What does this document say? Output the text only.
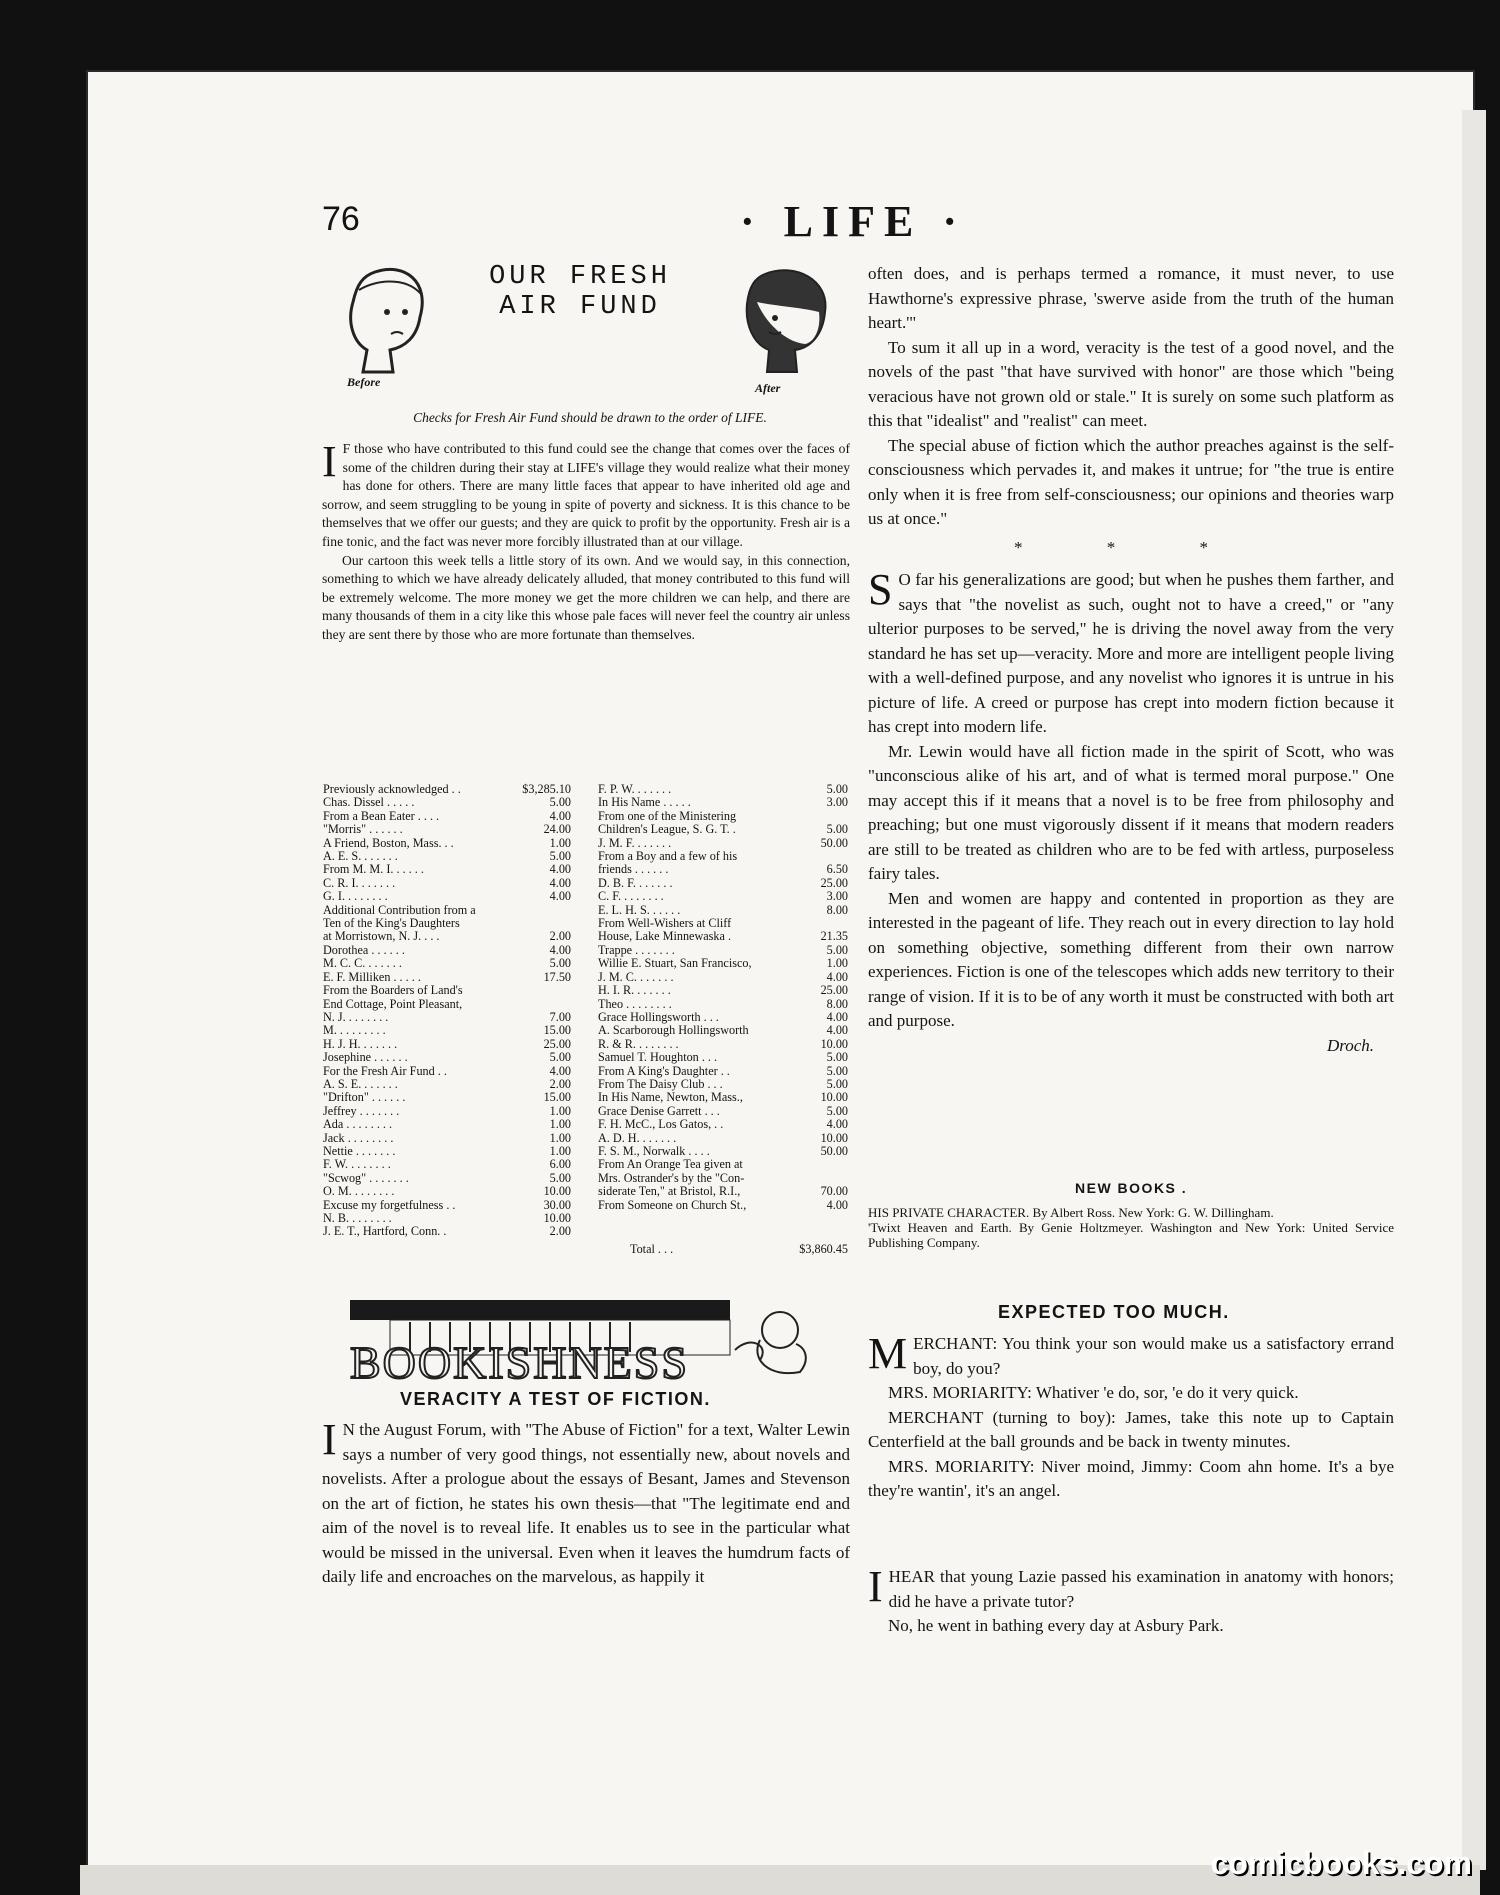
76	· LIFE ·
Before
OUR FRESH AIR FUND
After
Checks for Fresh Air Fund should be drawn to the order of LIFE.

IF those who have contributed to this fund could see the change that comes over the faces of some of the children during their stay at LIFE's village they would realize what their money has done for others. There are many little faces that appear to have inherited old age and sorrow, and seem struggling to be young in spite of poverty and sickness. It is this chance to be themselves that we offer our guests; and they are quick to profit by the opportunity. Fresh air is a fine tonic, and the fact was never more forcibly illustrated than at our village.

Our cartoon this week tells a little story of its own. And we would say, in this connection, something to which we have already delicately alluded, that money contributed to this fund will be extremely welcome. The more money we get the more children we can help, and there are many thousands of them in a city like this whose pale faces will never feel the country air unless they are sent there by those who are more fortunate than themselves.

Previously acknowledged . .	$3,285.10
Chas. Dissel . . . . .	5.00
From a Bean Eater . . . .	4.00
"Morris" . . . . . .	24.00
A Friend, Boston, Mass. . .	1.00
A. E. S. . . . . . .	5.00
From M. M. I. . . . . .	4.00
C. R. I. . . . . . .	4.00
G. I. . . . . . . .	4.00
Additional Contribution from a
Ten of the King's Daughters
at Morristown, N. J. . . .	2.00
Dorothea . . . . . .	4.00
M. C. C. . . . . . .	5.00
E. F. Milliken . . . . .	17.50
From the Boarders of Land's
End Cottage, Point Pleasant,
N. J. . . . . . . .	7.00
M. . . . . . . . .	15.00
H. J. H. . . . . . .	25.00
Josephine . . . . . .	5.00
For the Fresh Air Fund . .	4.00
A. S. E. . . . . . .	2.00
"Drifton" . . . . . .	15.00
Jeffrey . . . . . . .	1.00
Ada . . . . . . . .	1.00
Jack . . . . . . . .	1.00
Nettie . . . . . . .	1.00
F. W. . . . . . . .	6.00
"Scwog" . . . . . . .	5.00
O. M. . . . . . . .	10.00
Excuse my forgetfulness . .	30.00
N. B. . . . . . . .	10.00
J. E. T., Hartford, Conn. .	2.00
F. P. W. . . . . . .	5.00
In His Name . . . . .	3.00
From one of the Ministering
Children's League, S. G. T. .	5.00
J. M. F. . . . . . .	50.00
From a Boy and a few of his
friends . . . . . .	6.50
D. B. F. . . . . . .	25.00
C. F. . . . . . . .	3.00
E. L. H. S. . . . . .	8.00
From Well-Wishers at Cliff
House, Lake Minnewaska .	21.35
Trappe . . . . . . .	5.00
Willie E. Stuart, San Francisco,	1.00
J. M. C. . . . . . .	4.00
H. I. R. . . . . . .	25.00
Theo . . . . . . . .	8.00
Grace Hollingsworth . . .	4.00
A. Scarborough Hollingsworth	4.00
R. & R. . . . . . . .	10.00
Samuel T. Houghton . . .	5.00
From A King's Daughter . .	5.00
From The Daisy Club . . .	5.00
In His Name, Newton, Mass.,	10.00
Grace Denise Garrett . . .	5.00
F. H. McC., Los Gatos, . .	4.00
A. D. H. . . . . . .	10.00
F. S. M., Norwalk . . . .	50.00
From An Orange Tea given at
Mrs. Ostrander's by the "Con-
siderate Ten," at Bristol, R.I.,	70.00
From Someone on Church St.,	4.00
Total . . .	$3,860.45
BOOKISHNESS
VERACITY A TEST OF FICTION.

IN the August Forum, with "The Abuse of Fiction" for a text, Walter Lewin says a number of very good things, not essentially new, about novels and novelists. After a prologue about the essays of Besant, James and Stevenson on the art of fiction, he states his own thesis—that "The legitimate end and aim of the novel is to reveal life. It enables us to see in the particular what would be missed in the universal. Even when it leaves the humdrum facts of daily life and encroaches on the marvelous, as happily it

often does, and is perhaps termed a romance, it must never, to use Hawthorne's expressive phrase, 'swerve aside from the truth of the human heart.'"

To sum it all up in a word, veracity is the test of a good novel, and the novels of the past "that have survived with honor" are those which "being veracious have not grown old or stale." It is surely on some such platform as this that "idealist" and "realist" can meet.

The special abuse of fiction which the author preaches against is the self-consciousness which pervades it, and makes it untrue; for "the true is entire only when it is free from self-consciousness; our opinions and theories warp us at once."

* * *

SO far his generalizations are good; but when he pushes them farther, and says that "the novelist as such, ought not to have a creed," or "any ulterior purposes to be served," he is driving the novel away from the very standard he has set up—veracity. More and more are intelligent people living with a well-defined purpose, and any novelist who ignores it is untrue in his picture of life. A creed or purpose has crept into modern fiction because it has crept into modern life.

Mr. Lewin would have all fiction made in the spirit of Scott, who was "unconscious alike of his art, and of what is termed moral purpose." One may accept this if it means that a novel is to be free from philosophy and preaching; but one must vigorously dissent if it means that modern readers are still to be treated as children who are to be fed with artless, purposeless fairy tales.

Men and women are happy and contented in proportion as they are interested in the pageant of life. They reach out in every direction to lay hold on something objective, something different from their own narrow experiences. Fiction is one of the telescopes which adds new territory to their range of vision. If it is to be of any worth it must be constructed with both art and purpose.

Droch.

NEW BOOKS .

HIS PRIVATE CHARACTER. By Albert Ross. New York: G. W. Dillingham.

'Twixt Heaven and Earth. By Genie Holtzmeyer. Washington and New York: United Service Publishing Company.

EXPECTED TOO MUCH.

MERCHANT: You think your son would make us a satisfactory errand boy, do you?

MRS. MORIARITY: Whativer 'e do, sor, 'e do it very quick.

MERCHANT (turning to boy): James, take this note up to Captain Centerfield at the ball grounds and be back in twenty minutes.

MRS. MORIARITY: Niver moind, Jimmy: Coom ahn home. It's a bye they're wantin', it's an angel.

IHEAR that young Lazie passed his examination in anatomy with honors; did he have a private tutor?

No, he went in bathing every day at Asbury Park.

comicbooks.com
